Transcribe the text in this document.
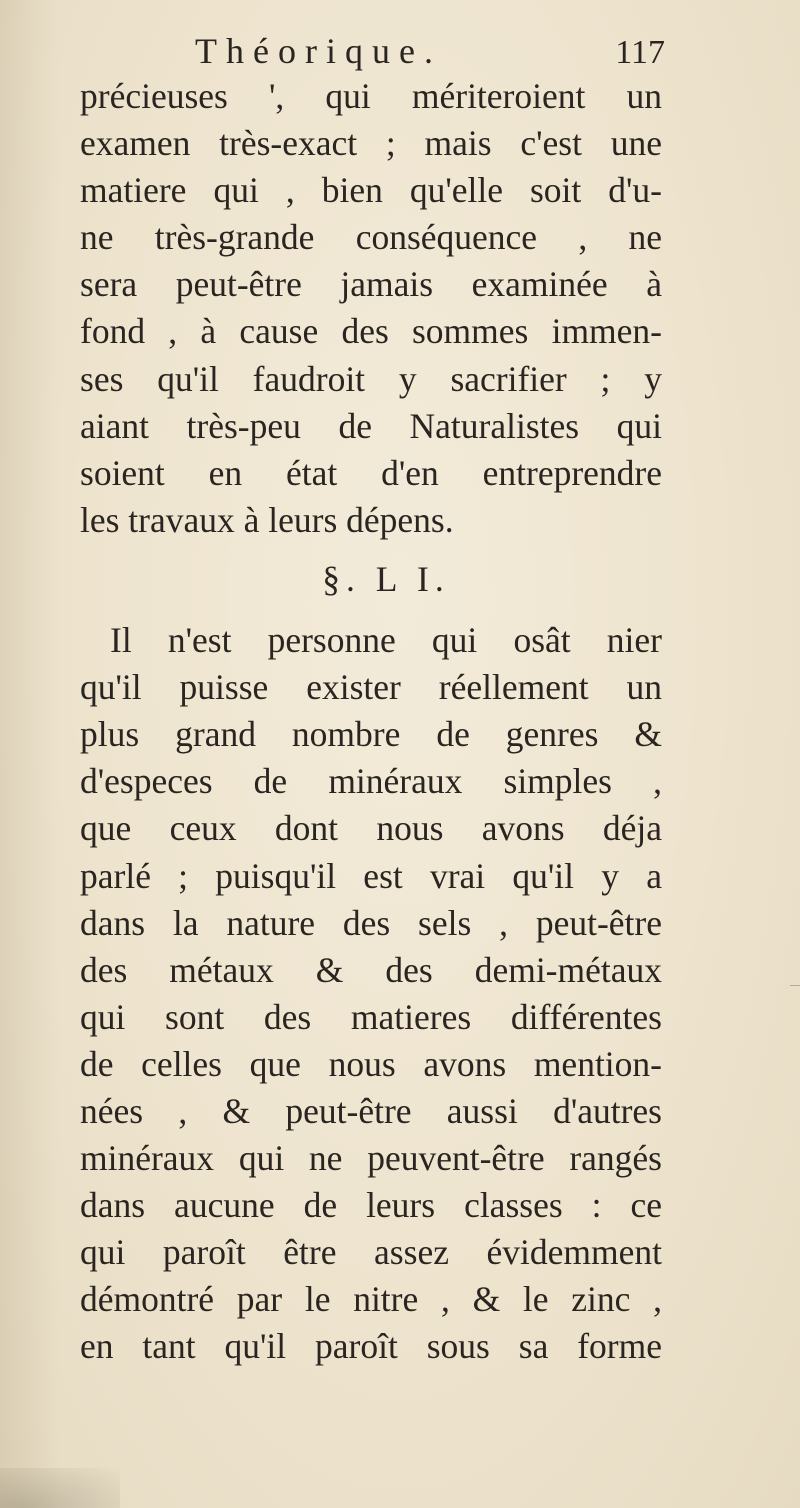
Théorique.	117
précieuses ', qui mériteroient un
examen très-exact ; mais c'est une
matiere qui , bien qu'elle soit d'u-
ne très-grande conséquence , ne
sera peut-être jamais examinée à
fond , à cause des sommes immen-
ses qu'il faudroit y sacrifier ; y
aiant très-peu de Naturalistes qui
soient en état d'en entreprendre
les travaux à leurs dépens.
§. L I.
Il n'est personne qui osât nier
qu'il puisse exister réellement un
plus grand nombre de genres &
d'especes de minéraux simples ,
que ceux dont nous avons déja
parlé ; puisqu'il est vrai qu'il y a
dans la nature des sels , peut-être
des métaux & des demi-métaux
qui sont des matieres différentes
de celles que nous avons mention-
nées , & peut-être aussi d'autres
minéraux qui ne peuvent-être rangés
dans aucune de leurs classes : ce
qui paroît être assez évidemment
démontré par le nitre , & le zinc ,
en tant qu'il paroît sous sa forme
